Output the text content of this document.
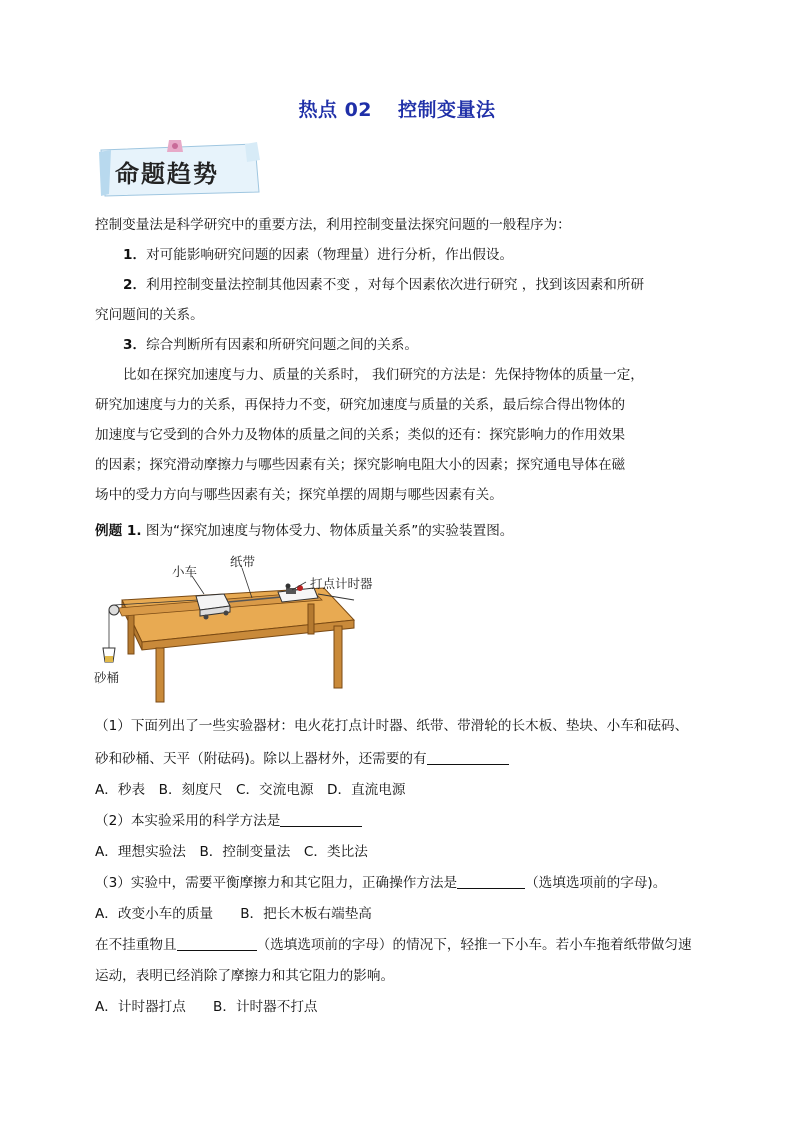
热点 02 控制变量法
命题趋势
控制变量法是科学研究中的重要方法，利用控制变量法探究问题的一般程序为：
1．对可能影响研究问题的因素（物理量）进行分析，作出假设。
2．利用控制变量法控制其他因素不变 ，对每个因素依次进行研究 ，找到该因素和所研
究问题间的关系。
3．综合判断所有因素和所研究问题之间的关系。
比如在探究加速度与力、质量的关系时， 我们研究的方法是：先保持物体的质量一定，
研究加速度与力的关系，再保持力不变，研究加速度与质量的关系，最后综合得出物体的
加速度与它受到的合外力及物体的质量之间的关系；类似的还有：探究影响力的作用效果
的因素；探究滑动摩擦力与哪些因素有关；探究影响电阻大小的因素；探究通电导体在磁
场中的受力方向与哪些因素有关；探究单摆的周期与哪些因素有关。
例题 1. 图为“探究加速度与物体受力、物体质量关系”的实验装置图。
小车
纸带
打点计时器
砂桶
（1）下面列出了一些实验器材：电火花打点计时器、纸带、带滑轮的长木板、垫块、小车和砝码、
砂和砂桶、天平（附砝码)。除以上器材外，还需要的有
A．秒表　B．刻度尺　C．交流电源　D．直流电源
（2）本实验采用的科学方法是
A．理想实验法　B．控制变量法　C．类比法
（3）实验中，需要平衡摩擦力和其它阻力，正确操作方法是	（选填选项前的字母)。
A．改变小车的质量　　B．把长木板右端垫高
在不挂重物且	（选填选项前的字母）的情况下，轻推一下小车。若小车拖着纸带做匀速
运动，表明已经消除了摩擦力和其它阻力的影响。
A．计时器打点　　B．计时器不打点
